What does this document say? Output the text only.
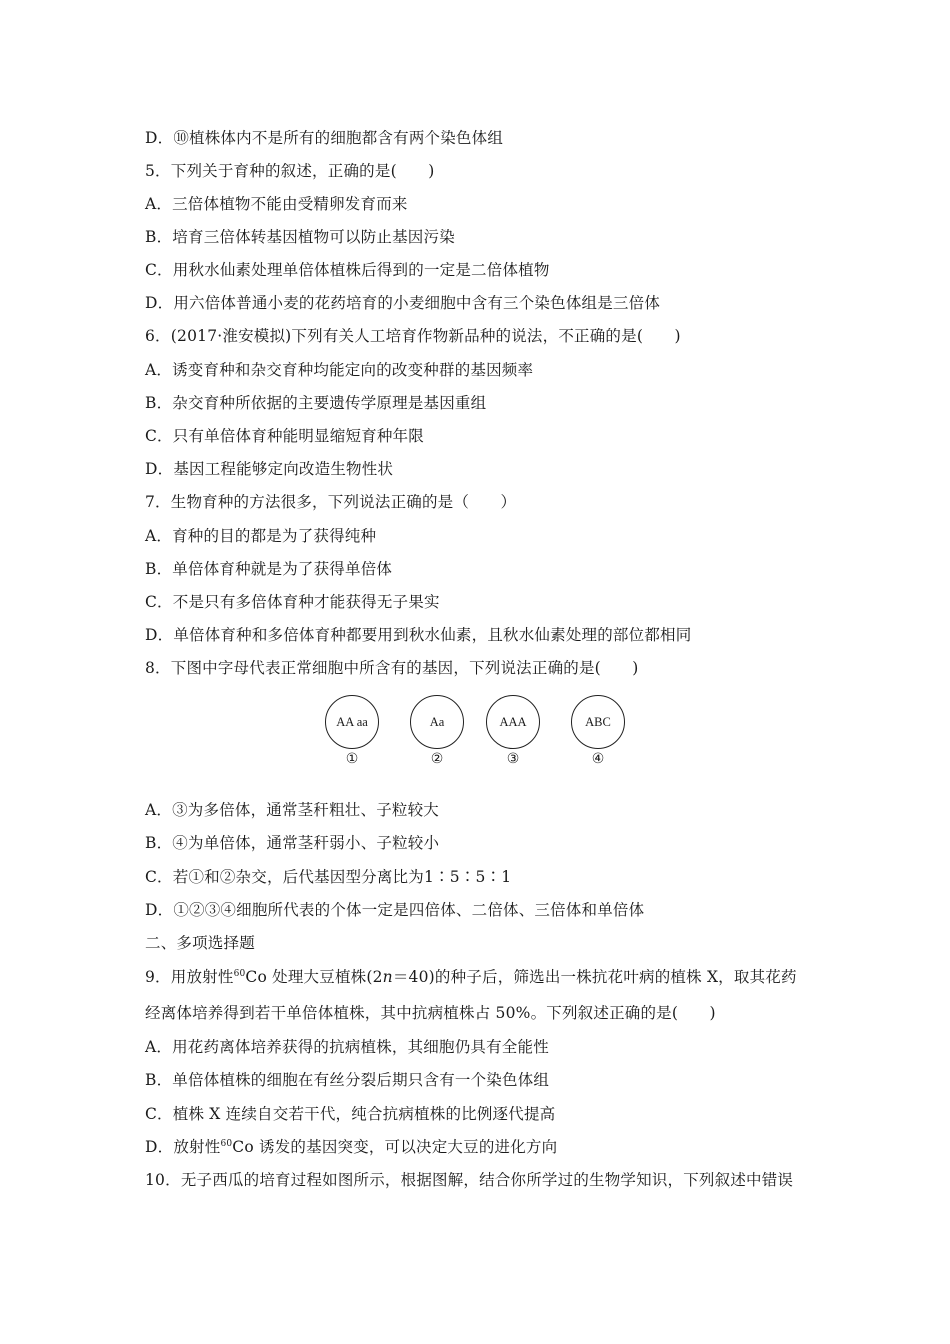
D．⑩植株体内不是所有的细胞都含有两个染色体组
5．下列关于育种的叙述，正确的是(　　)
A．三倍体植物不能由受精卵发育而来
B．培育三倍体转基因植物可以防止基因污染
C．用秋水仙素处理单倍体植株后得到的一定是二倍体植物
D．用六倍体普通小麦的花药培育的小麦细胞中含有三个染色体组是三倍体
6．(2017·淮安模拟)下列有关人工培育作物新品种的说法，不正确的是(　　)
A．诱变育种和杂交育种均能定向的改变种群的基因频率
B．杂交育种所依据的主要遗传学原理是基因重组
C．只有单倍体育种能明显缩短育种年限
D．基因工程能够定向改造生物性状
7．生物育种的方法很多，下列说法正确的是（　　）
A．育种的目的都是为了获得纯种
B．单倍体育种就是为了获得单倍体
C．不是只有多倍体育种才能获得无子果实
D．单倍体育种和多倍体育种都要用到秋水仙素，且秋水仙素处理的部位都相同
8．下图中字母代表正常细胞中所含有的基因，下列说法正确的是(　　)
A．③为多倍体，通常茎秆粗壮、子粒较大
B．④为单倍体，通常茎秆弱小、子粒较小
C．若①和②杂交，后代基因型分离比为1∶5∶5∶1
D．①②③④细胞所代表的个体一定是四倍体、二倍体、三倍体和单倍体
二、多项选择题
AA aa
①
Aa
②
AAA
③
ABC
④
9．用放射性$^{60}$Co 处理大豆植株(2n＝40)的种子后，筛选出一株抗花叶病的植株 X，取其花药
经离体培养得到若干单倍体植株，其中抗病植株占 50%。下列叙述正确的是(　　)
A．用花药离体培养获得的抗病植株，其细胞仍具有全能性
B．单倍体植株的细胞在有丝分裂后期只含有一个染色体组
C．植株 X 连续自交若干代，纯合抗病植株的比例逐代提高
D．放射性$^{60}$Co 诱发的基因突变，可以决定大豆的进化方向
10．无子西瓜的培育过程如图所示，根据图解，结合你所学过的生物学知识，下列叙述中错误
